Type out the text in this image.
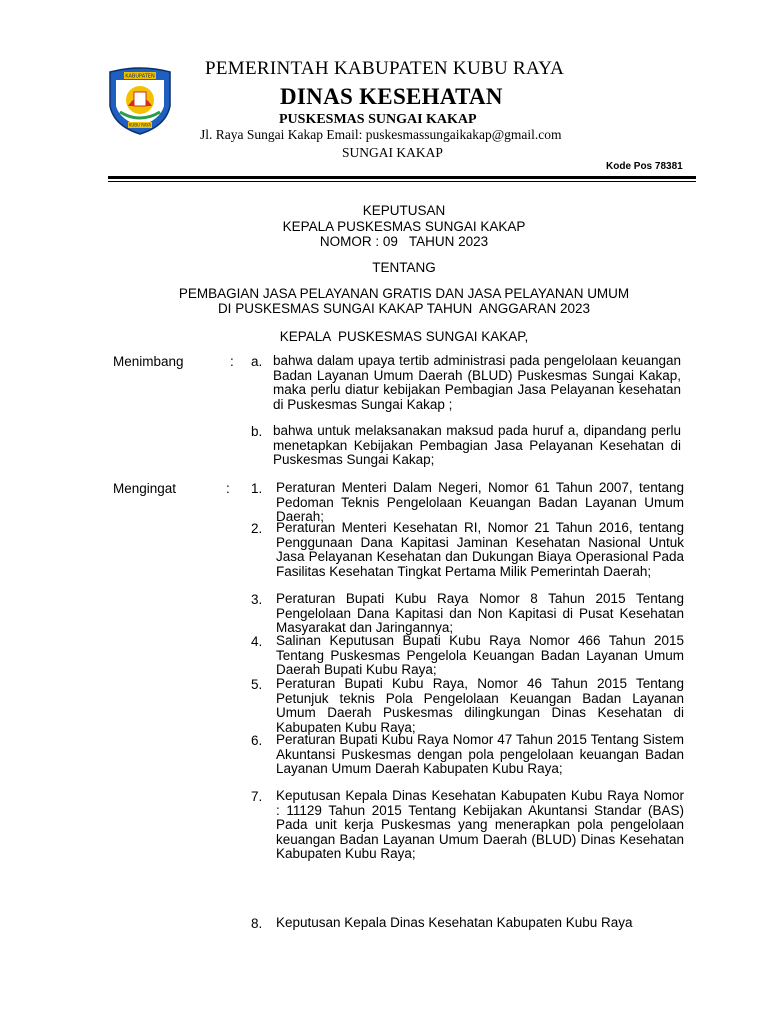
KABUPATEN
KUBU RAYA
PEMERINTAH KABUPATEN KUBU RAYA
DINAS KESEHATAN
PUSKESMAS SUNGAI KAKAP
Jl. Raya Sungai Kakap Email: puskesmassungaikakap@gmail.com
SUNGAI KAKAP
Kode Pos 78381
KEPUTUSAN
KEPALA PUSKESMAS SUNGAI KAKAP
NOMOR : 09   TAHUN 2023
TENTANG
PEMBAGIAN JASA PELAYANAN GRATIS DAN JASA PELAYANAN UMUM
DI PUSKESMAS SUNGAI KAKAP TAHUN  ANGGARAN 2023
KEPALA  PUSKESMAS SUNGAI KAKAP,
Menimbang	: a. bahwa dalam upaya tertib administrasi pada pengelolaan keuangan Badan Layanan Umum Daerah (BLUD) Puskesmas Sungai Kakap, maka perlu diatur kebijakan Pembagian Jasa Pelayanan kesehatan di Puskesmas Sungai Kakap ;
b. bahwa untuk melaksanakan maksud pada huruf a, dipandang perlu menetapkan Kebijakan Pembagian Jasa Pelayanan Kesehatan di Puskesmas Sungai Kakap;
Mengingat	: 1. Peraturan Menteri Dalam Negeri, Nomor 61 Tahun 2007, tentang Pedoman Teknis Pengelolaan Keuangan Badan Layanan Umum Daerah;
2. Peraturan Menteri Kesehatan RI, Nomor 21 Tahun 2016, tentang Penggunaan Dana Kapitasi Jaminan Kesehatan Nasional Untuk Jasa Pelayanan Kesehatan dan Dukungan Biaya Operasional Pada Fasilitas Kesehatan Tingkat Pertama Milik Pemerintah Daerah;
3. Peraturan Bupati Kubu Raya Nomor 8 Tahun 2015 Tentang Pengelolaan Dana Kapitasi dan Non Kapitasi di Pusat Kesehatan Masyarakat dan Jaringannya;
4. Salinan Keputusan Bupati Kubu Raya Nomor 466 Tahun 2015 Tentang Puskesmas Pengelola Keuangan Badan Layanan Umum Daerah Bupati Kubu Raya;
5. Peraturan Bupati Kubu Raya, Nomor 46 Tahun 2015 Tentang Petunjuk teknis Pola Pengelolaan Keuangan Badan Layanan Umum Daerah Puskesmas dilingkungan Dinas Kesehatan di Kabupaten Kubu Raya;
6. Peraturan Bupati Kubu Raya Nomor 47 Tahun 2015 Tentang Sistem Akuntansi Puskesmas dengan pola pengelolaan keuangan Badan Layanan Umum Daerah Kabupaten Kubu Raya;
7. Keputusan Kepala Dinas Kesehatan Kabupaten Kubu Raya Nomor : 11129 Tahun 2015 Tentang Kebijakan Akuntansi Standar (BAS) Pada unit kerja Puskesmas yang menerapkan pola pengelolaan keuangan Badan Layanan Umum Daerah (BLUD) Dinas Kesehatan Kabupaten Kubu Raya;
8. Keputusan Kepala Dinas Kesehatan Kabupaten Kubu Raya
